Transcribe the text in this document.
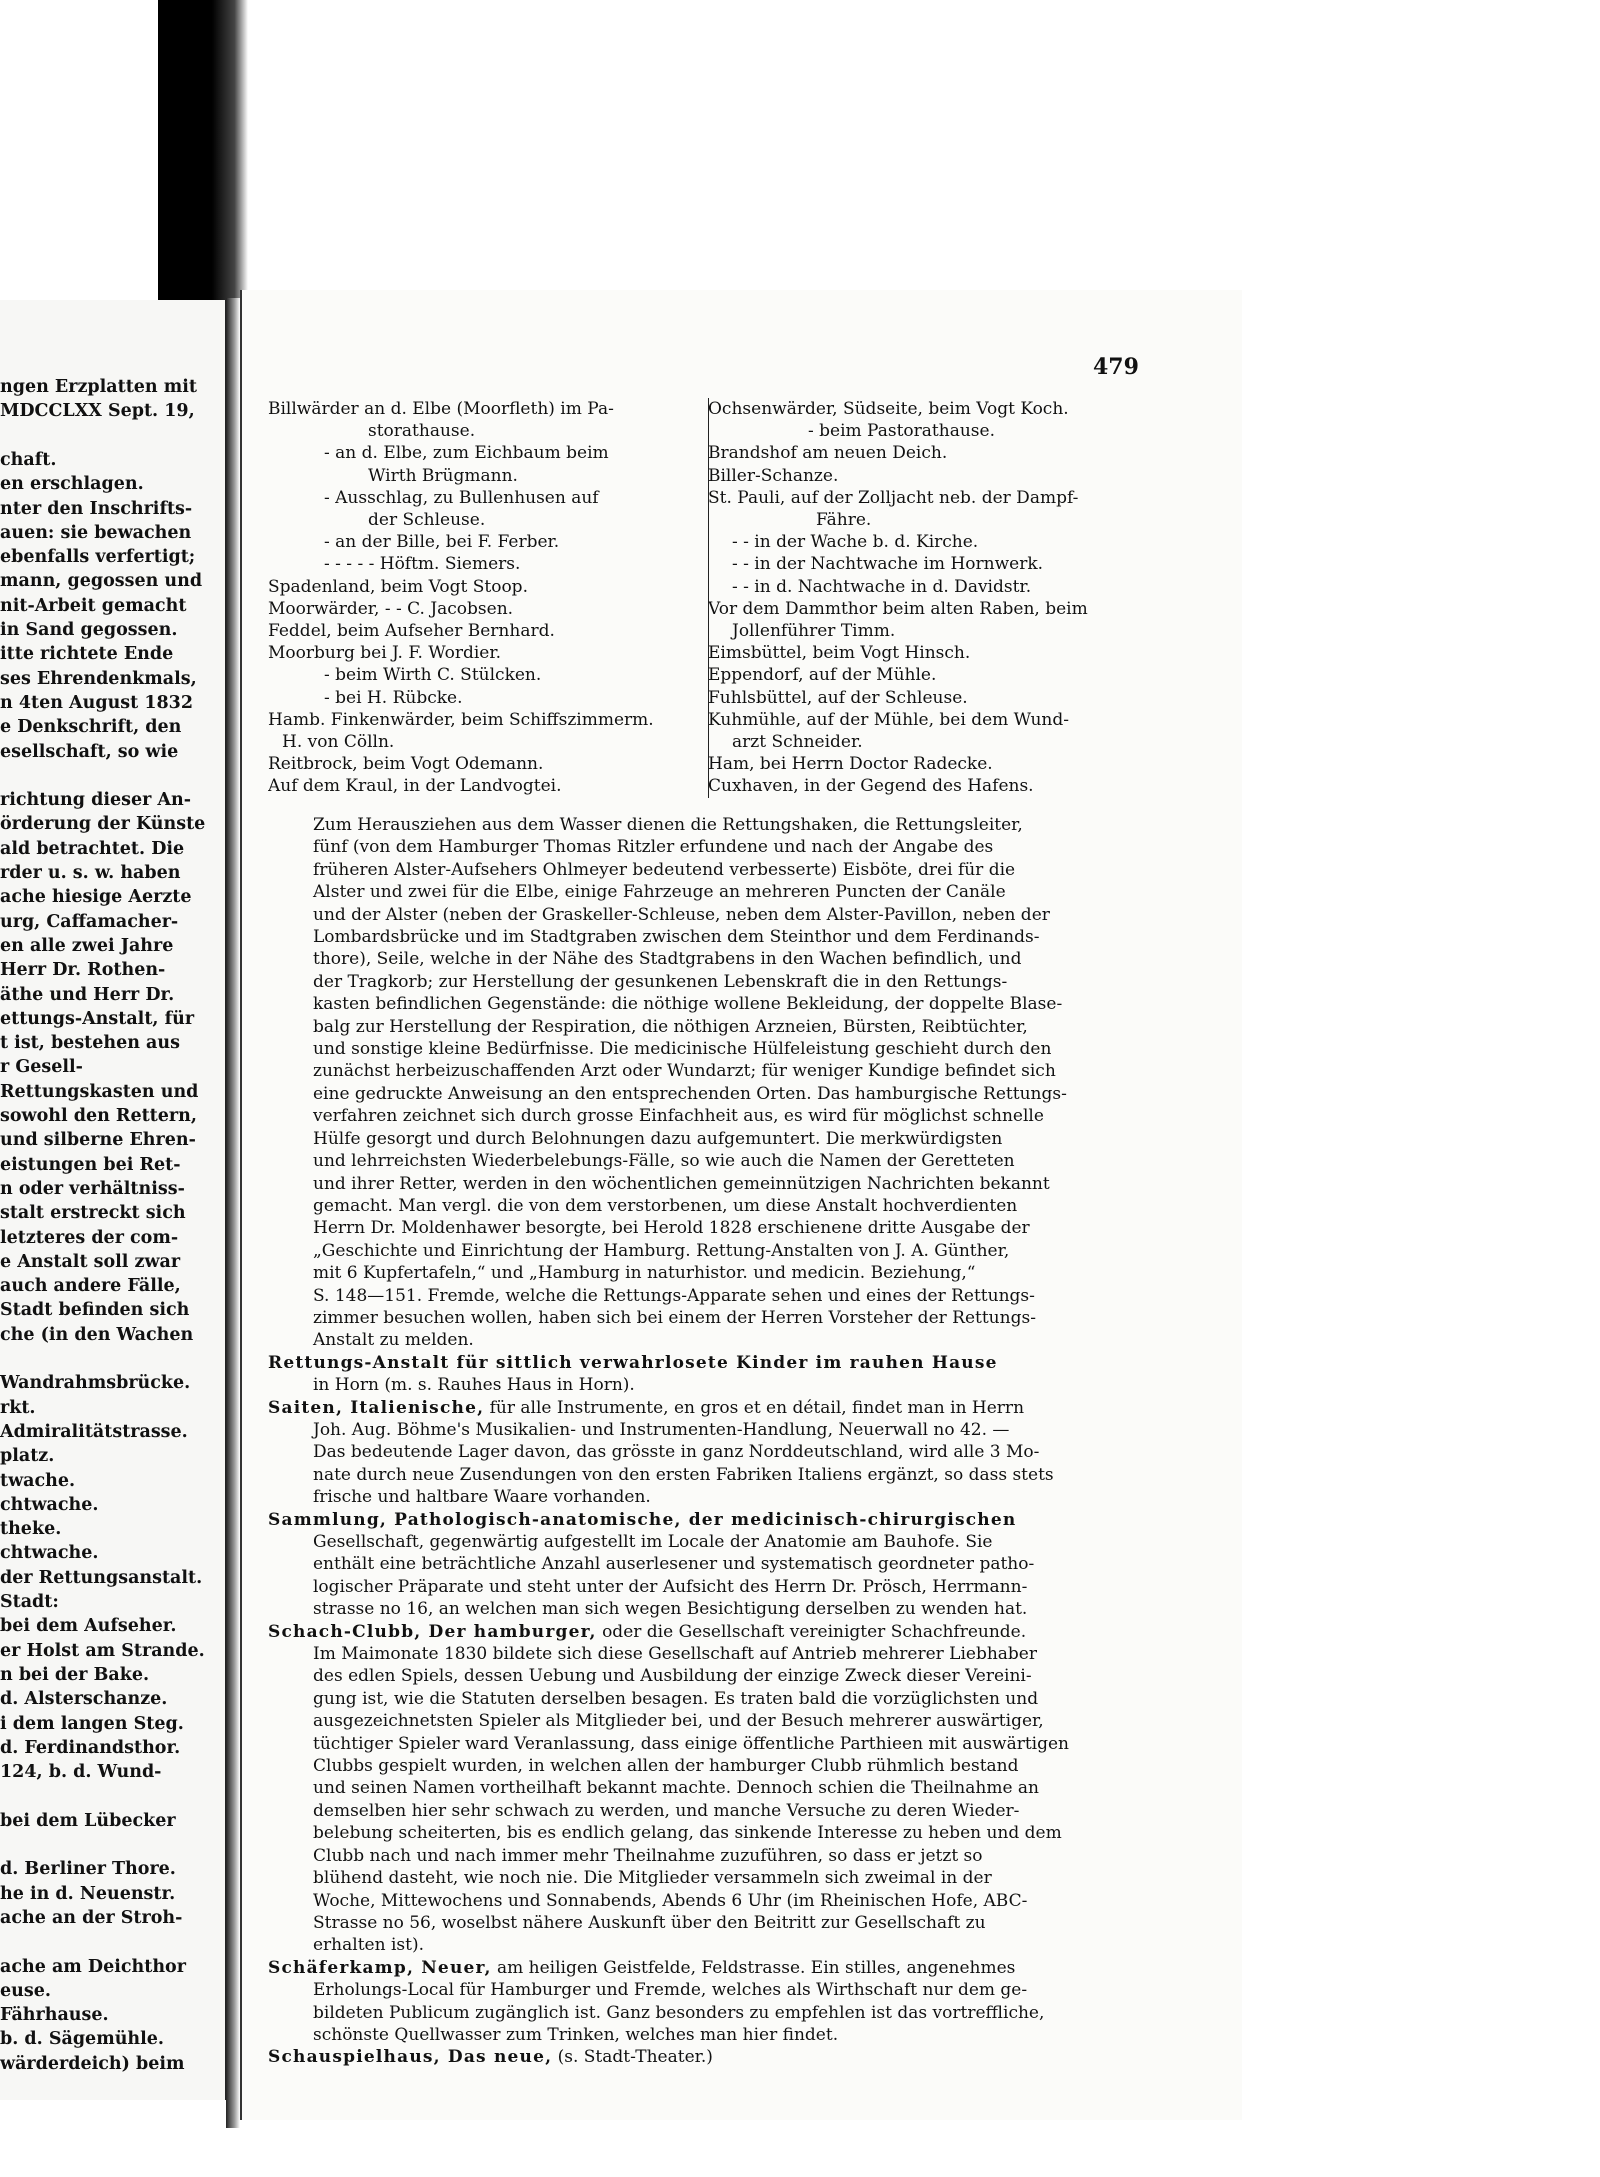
ngen Erzplatten mit
MDCCLXX Sept. 19,
chaft.
en erschlagen.
nter den Inschrifts-
auen: sie bewachen
ebenfalls verfertigt;
mann, gegossen und
nit-Arbeit gemacht
in Sand gegossen.
itte richtete Ende
ses Ehrendenkmals,
n 4ten August 1832
e Denkschrift, den
esellschaft, so wie
richtung dieser An-
örderung der Künste
ald betrachtet. Die
rder u. s. w. haben
ache hiesige Aerzte
urg, Caffamacher-
en alle zwei Jahre
Herr Dr. Rothen-
äthe und Herr Dr.
ettungs-Anstalt, für
t ist, bestehen aus
r Gesell-
Rettungskasten und
sowohl den Rettern,
und silberne Ehren-
eistungen bei Ret-
n oder verhältniss-
stalt erstreckt sich
letzteres der com-
e Anstalt soll zwar
auch andere Fälle,
Stadt befinden sich
che (in den Wachen
Wandrahmsbrücke.
rkt.
Admiralitätstrasse.
platz.
twache.
chtwache.
theke.
chtwache.
der Rettungsanstalt.
Stadt:
bei dem Aufseher.
er Holst am Strande.
n bei der Bake.
d. Alsterschanze.
i dem langen Steg.
d. Ferdinandsthor.
124, b. d. Wund-
bei dem Lübecker
d. Berliner Thore.
he in d. Neuenstr.
ache an der Stroh-
ache am Deichthor
euse.
Fährhause.
b. d. Sägemühle.
wärderdeich) beim
479
Billwärder an d. Elbe (Moorfleth) im Pa-
storathause.
- an d. Elbe, zum Eichbaum beim
Wirth Brügmann.
- Ausschlag, zu Bullenhusen auf
der Schleuse.
- an der Bille, bei F. Ferber.
- - - - - Höftm. Siemers.
Spadenland, beim Vogt Stoop.
Moorwärder, - - C. Jacobsen.
Feddel, beim Aufseher Bernhard.
Moorburg bei J. F. Wordier.
- beim Wirth C. Stülcken.
- bei H. Rübcke.
Hamb. Finkenwärder, beim Schiffszimmerm.
H. von Cölln.
Reitbrock, beim Vogt Odemann.
Auf dem Kraul, in der Landvogtei.
Ochsenwärder, Südseite, beim Vogt Koch.
- beim Pastorathause.
Brandshof am neuen Deich.
Biller-Schanze.
St. Pauli, auf der Zolljacht neb. der Dampf-
Fähre.
- - in der Wache b. d. Kirche.
- - in der Nachtwache im Hornwerk.
- - in d. Nachtwache in d. Davidstr.
Vor dem Dammthor beim alten Raben, beim
Jollenführer Timm.
Eimsbüttel, beim Vogt Hinsch.
Eppendorf, auf der Mühle.
Fuhlsbüttel, auf der Schleuse.
Kuhmühle, auf der Mühle, bei dem Wund-
arzt Schneider.
Ham, bei Herrn Doctor Radecke.
Cuxhaven, in der Gegend des Hafens.
Zum Herausziehen aus dem Wasser dienen die Rettungshaken, die Rettungsleiter,
fünf (von dem Hamburger Thomas Ritzler erfundene und nach der Angabe des
früheren Alster-Aufsehers Ohlmeyer bedeutend verbesserte) Eisböte, drei für die
Alster und zwei für die Elbe, einige Fahrzeuge an mehreren Puncten der Canäle
und der Alster (neben der Graskeller-Schleuse, neben dem Alster-Pavillon, neben der
Lombardsbrücke und im Stadtgraben zwischen dem Steinthor und dem Ferdinands-
thore), Seile, welche in der Nähe des Stadtgrabens in den Wachen befindlich, und
der Tragkorb; zur Herstellung der gesunkenen Lebenskraft die in den Rettungs-
kasten befindlichen Gegenstände: die nöthige wollene Bekleidung, der doppelte Blase-
balg zur Herstellung der Respiration, die nöthigen Arzneien, Bürsten, Reibtüchter,
und sonstige kleine Bedürfnisse. Die medicinische Hülfeleistung geschieht durch den
zunächst herbeizuschaffenden Arzt oder Wundarzt; für weniger Kundige befindet sich
eine gedruckte Anweisung an den entsprechenden Orten. Das hamburgische Rettungs-
verfahren zeichnet sich durch grosse Einfachheit aus, es wird für möglichst schnelle
Hülfe gesorgt und durch Belohnungen dazu aufgemuntert. Die merkwürdigsten
und lehrreichsten Wiederbelebungs-Fälle, so wie auch die Namen der Geretteten
und ihrer Retter, werden in den wöchentlichen gemeinnützigen Nachrichten bekannt
gemacht. Man vergl. die von dem verstorbenen, um diese Anstalt hochverdienten
Herrn Dr. Moldenhawer besorgte, bei Herold 1828 erschienene dritte Ausgabe der
„Geschichte und Einrichtung der Hamburg. Rettung-Anstalten von J. A. Günther,
mit 6 Kupfertafeln,“ und „Hamburg in naturhistor. und medicin. Beziehung,“
S. 148—151. Fremde, welche die Rettungs-Apparate sehen und eines der Rettungs-
zimmer besuchen wollen, haben sich bei einem der Herren Vorsteher der Rettungs-
Anstalt zu melden.
Rettungs-Anstalt für sittlich verwahrlosete Kinder im rauhen Hause
in Horn (m. s. Rauhes Haus in Horn).
Saiten, Italienische, für alle Instrumente, en gros et en détail, findet man in Herrn
Joh. Aug. Böhme's Musikalien- und Instrumenten-Handlung, Neuerwall no 42. —
Das bedeutende Lager davon, das grösste in ganz Norddeutschland, wird alle 3 Mo-
nate durch neue Zusendungen von den ersten Fabriken Italiens ergänzt, so dass stets
frische und haltbare Waare vorhanden.
Sammlung, Pathologisch-anatomische, der medicinisch-chirurgischen
Gesellschaft, gegenwärtig aufgestellt im Locale der Anatomie am Bauhofe. Sie
enthält eine beträchtliche Anzahl auserlesener und systematisch geordneter patho-
logischer Präparate und steht unter der Aufsicht des Herrn Dr. Prösch, Herrmann-
strasse no 16, an welchen man sich wegen Besichtigung derselben zu wenden hat.
Schach-Clubb, Der hamburger, oder die Gesellschaft vereinigter Schachfreunde.
Im Maimonate 1830 bildete sich diese Gesellschaft auf Antrieb mehrerer Liebhaber
des edlen Spiels, dessen Uebung und Ausbildung der einzige Zweck dieser Vereini-
gung ist, wie die Statuten derselben besagen. Es traten bald die vorzüglichsten und
ausgezeichnetsten Spieler als Mitglieder bei, und der Besuch mehrerer auswärtiger,
tüchtiger Spieler ward Veranlassung, dass einige öffentliche Parthieen mit auswärtigen
Clubbs gespielt wurden, in welchen allen der hamburger Clubb rühmlich bestand
und seinen Namen vortheilhaft bekannt machte. Dennoch schien die Theilnahme an
demselben hier sehr schwach zu werden, und manche Versuche zu deren Wieder-
belebung scheiterten, bis es endlich gelang, das sinkende Interesse zu heben und dem
Clubb nach und nach immer mehr Theilnahme zuzuführen, so dass er jetzt so
blühend dasteht, wie noch nie. Die Mitglieder versammeln sich zweimal in der
Woche, Mittewochens und Sonnabends, Abends 6 Uhr (im Rheinischen Hofe, ABC-
Strasse no 56, woselbst nähere Auskunft über den Beitritt zur Gesellschaft zu
erhalten ist).
Schäferkamp, Neuer, am heiligen Geistfelde, Feldstrasse. Ein stilles, angenehmes
Erholungs-Local für Hamburger und Fremde, welches als Wirthschaft nur dem ge-
bildeten Publicum zugänglich ist. Ganz besonders zu empfehlen ist das vortreffliche,
schönste Quellwasser zum Trinken, welches man hier findet.
Schauspielhaus, Das neue, (s. Stadt-Theater.)
